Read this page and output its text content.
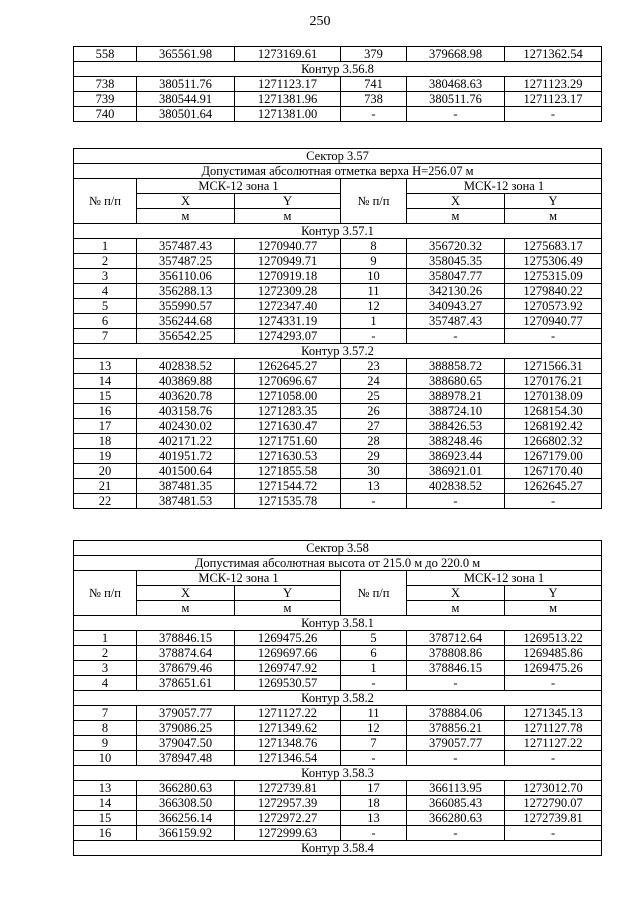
250
558	365561.98	1273169.61	379	379668.98	1271362.54
Контур 3.56.8					
738	380511.76	1271123.17	741	380468.63	1271123.29
739	380544.91	1271381.96	738	380511.76	1271123.17
740	380501.64	1271381.00	-	-	-
Сектор 3.57					
Допустимая абсолютная отметка верха Н=256.07 м					
№ п/п	МСК-12 зона 1		№ п/п	МСК-12 зона 1	
	X	Y		X	Y
	м	м		м	м
Контур 3.57.1					
1	357487.43	1270940.77	8	356720.32	1275683.17
2	357487.25	1270949.71	9	358045.35	1275306.49
3	356110.06	1270919.18	10	358047.77	1275315.09
4	356288.13	1272309.28	11	342130.26	1279840.22
5	355990.57	1272347.40	12	340943.27	1270573.92
6	356244.68	1274331.19	1	357487.43	1270940.77
7	356542.25	1274293.07	-	-	-
Контур 3.57.2					
13	402838.52	1262645.27	23	388858.72	1271566.31
14	403869.88	1270696.67	24	388680.65	1270176.21
15	403620.78	1271058.00	25	388978.21	1270138.09
16	403158.76	1271283.35	26	388724.10	1268154.30
17	402430.02	1271630.47	27	388426.53	1268192.42
18	402171.22	1271751.60	28	388248.46	1266802.32
19	401951.72	1271630.53	29	386923.44	1267179.00
20	401500.64	1271855.58	30	386921.01	1267170.40
21	387481.35	1271544.72	13	402838.52	1262645.27
22	387481.53	1271535.78	-	-	-
Сектор 3.58					
Допустимая абсолютная высота от 215.0 м до 220.0 м					
№ п/п	МСК-12 зона 1		№ п/п	МСК-12 зона 1	
	X	Y		X	Y
	м	м		м	м
Контур 3.58.1					
1	378846.15	1269475.26	5	378712.64	1269513.22
2	378874.64	1269697.66	6	378808.86	1269485.86
3	378679.46	1269747.92	1	378846.15	1269475.26
4	378651.61	1269530.57	-	-	-
Контур 3.58.2					
7	379057.77	1271127.22	11	378884.06	1271345.13
8	379086.25	1271349.62	12	378856.21	1271127.78
9	379047.50	1271348.76	7	379057.77	1271127.22
10	378947.48	1271346.54	-	-	-
Контур 3.58.3					
13	366280.63	1272739.81	17	366113.95	1273012.70
14	366308.50	1272957.39	18	366085.43	1272790.07
15	366256.14	1272972.27	13	366280.63	1272739.81
16	366159.92	1272999.63	-	-	-
Контур 3.58.4					
